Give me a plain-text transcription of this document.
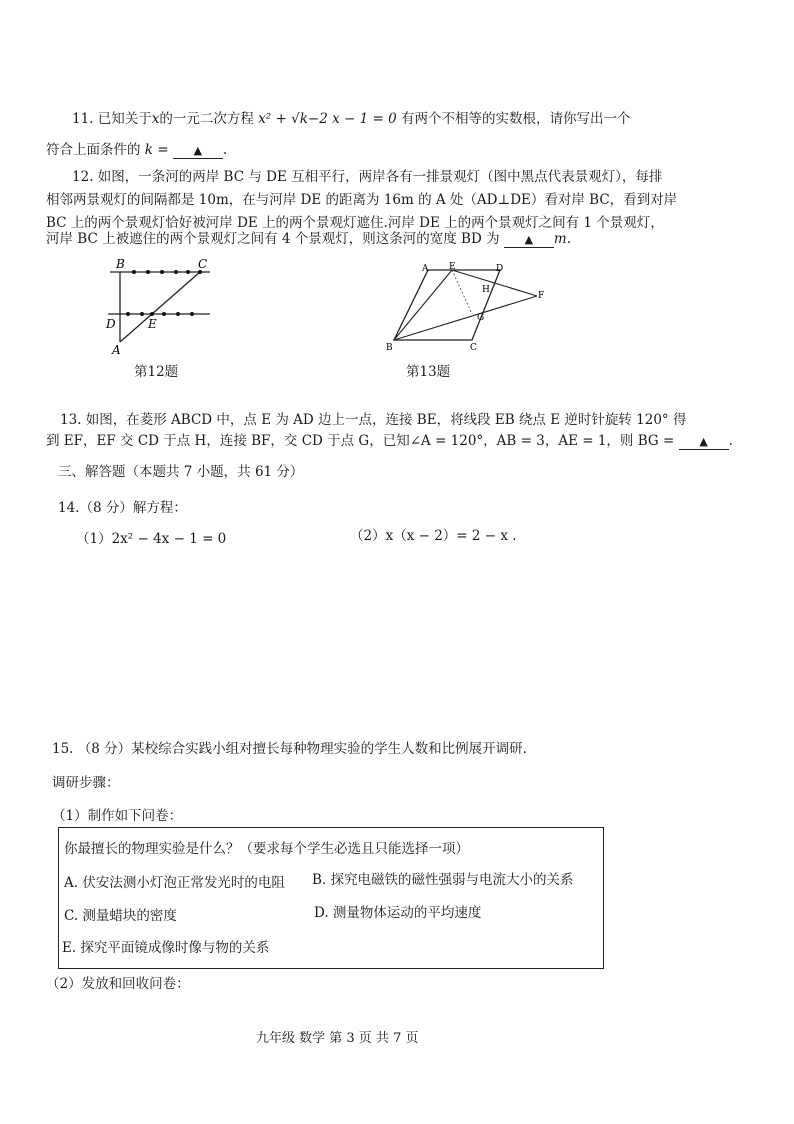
11. 已知关于x的一元二次方程 x² + √k−2 x − 1 = 0 有两个不相等的实数根，请你写出一个
符合上面条件的 k = ▲ .
12. 如图，一条河的两岸 BC 与 DE 互相平行，两岸各有一排景观灯（图中黑点代表景观灯），每排
相邻两景观灯的间隔都是 10m，在与河岸 DE 的距离为 16m 的 A 处（AD⊥DE）看对岸 BC，看到对岸
BC 上的两个景观灯恰好被河岸 DE 上的两个景观灯遮住.河岸 DE 上的两个景观灯之间有 1 个景观灯，
河岸 BC 上被遮住的两个景观灯之间有 4 个景观灯，则这条河的宽度 BD 为 ▲ m.
B	C
D	E
A
第12题
A E	D
H
F
G
B	C
第13题
13. 如图，在菱形 ABCD 中，点 E 为 AD 边上一点，连接 BE，将线段 EB 绕点 E 逆时针旋转 120° 得
到 EF，EF 交 CD 于点 H，连接 BF，交 CD 于点 G，已知∠A = 120°，AB = 3，AE = 1，则 BG = ▲ .
三、解答题（本题共 7 小题，共 61 分）
14.（8 分）解方程：
（1）2x² − 4x − 1 = 0	（2）x（x − 2）= 2 − x .
15. （8 分）某校综合实践小组对擅长每种物理实验的学生人数和比例展开调研.
调研步骤：
（1）制作如下问卷：
你最擅长的物理实验是什么？（要求每个学生必选且只能选择一项）
A. 伏安法测小灯泡正常发光时的电阻 B. 探究电磁铁的磁性强弱与电流大小的关系
C. 测量蜡块的密度	D. 测量物体运动的平均速度
E. 探究平面镜成像时像与物的关系
（2）发放和回收问卷：
九年级 数学 第 3 页 共 7 页
